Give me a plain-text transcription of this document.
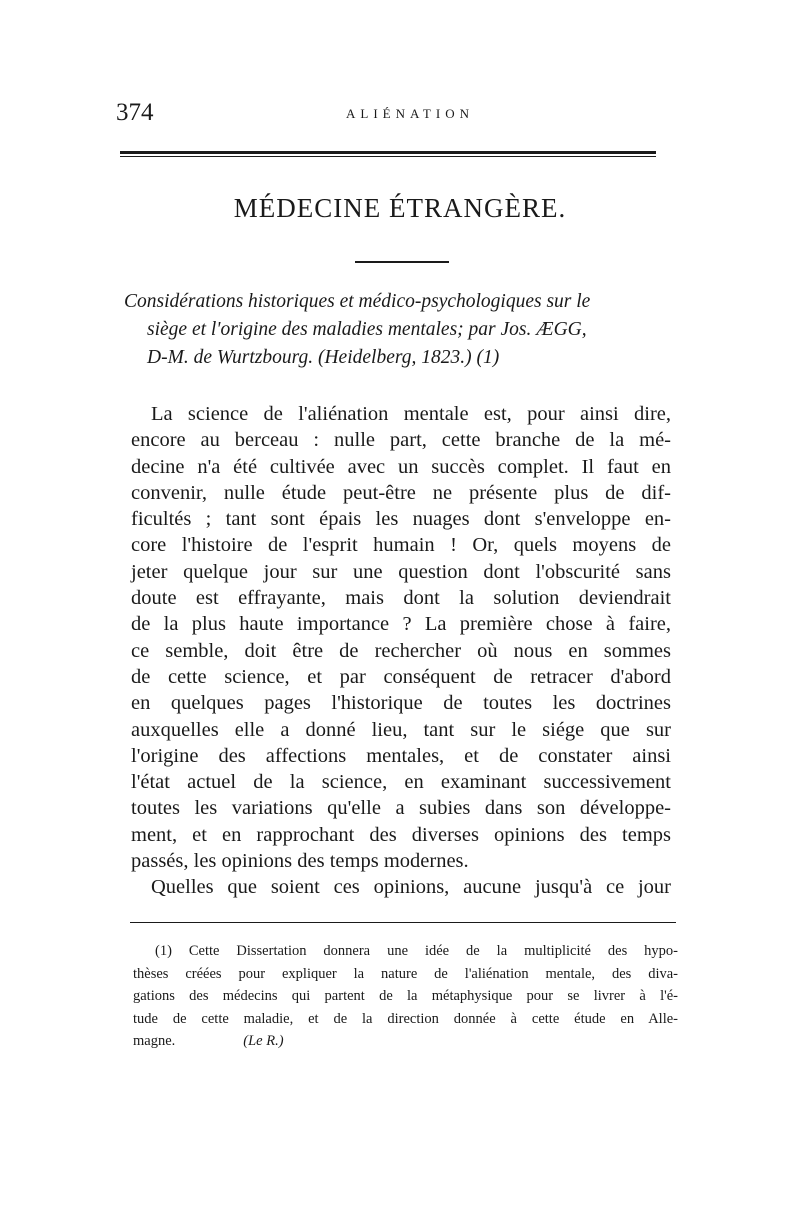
374	ALIÉNATION
MÉDECINE ÉTRANGÈRE.
Considérations historiques et médico-psychologiques sur le
siège et l'origine des maladies mentales; par Jos. ÆGG,
D-M. de Wurtzbourg. (Heidelberg, 1823.) (1)
La science de l'aliénation mentale est, pour ainsi dire,
encore au berceau : nulle part, cette branche de la mé-
decine n'a été cultivée avec un succès complet. Il faut en
convenir, nulle étude peut-être ne présente plus de dif-
ficultés ; tant sont épais les nuages dont s'enveloppe en-
core l'histoire de l'esprit humain ! Or, quels moyens de
jeter quelque jour sur une question dont l'obscurité sans
doute est effrayante, mais dont la solution deviendrait
de la plus haute importance ? La première chose à faire,
ce semble, doit être de rechercher où nous en sommes
de cette science, et par conséquent de retracer d'abord
en quelques pages l'historique de toutes les doctrines
auxquelles elle a donné lieu, tant sur le siége que sur
l'origine des affections mentales, et de constater ainsi
l'état actuel de la science, en examinant successivement
toutes les variations qu'elle a subies dans son développe-
ment, et en rapprochant des diverses opinions des temps
passés, les opinions des temps modernes.
Quelles que soient ces opinions, aucune jusqu'à ce jour
(1) Cette Dissertation donnera une idée de la multiplicité des hypo-
thèses créées pour expliquer la nature de l'aliénation mentale, des diva-
gations des médecins qui partent de la métaphysique pour se livrer à l'é-
tude de cette maladie, et de la direction donnée à cette étude en Alle-
magne.	(Le R.)
